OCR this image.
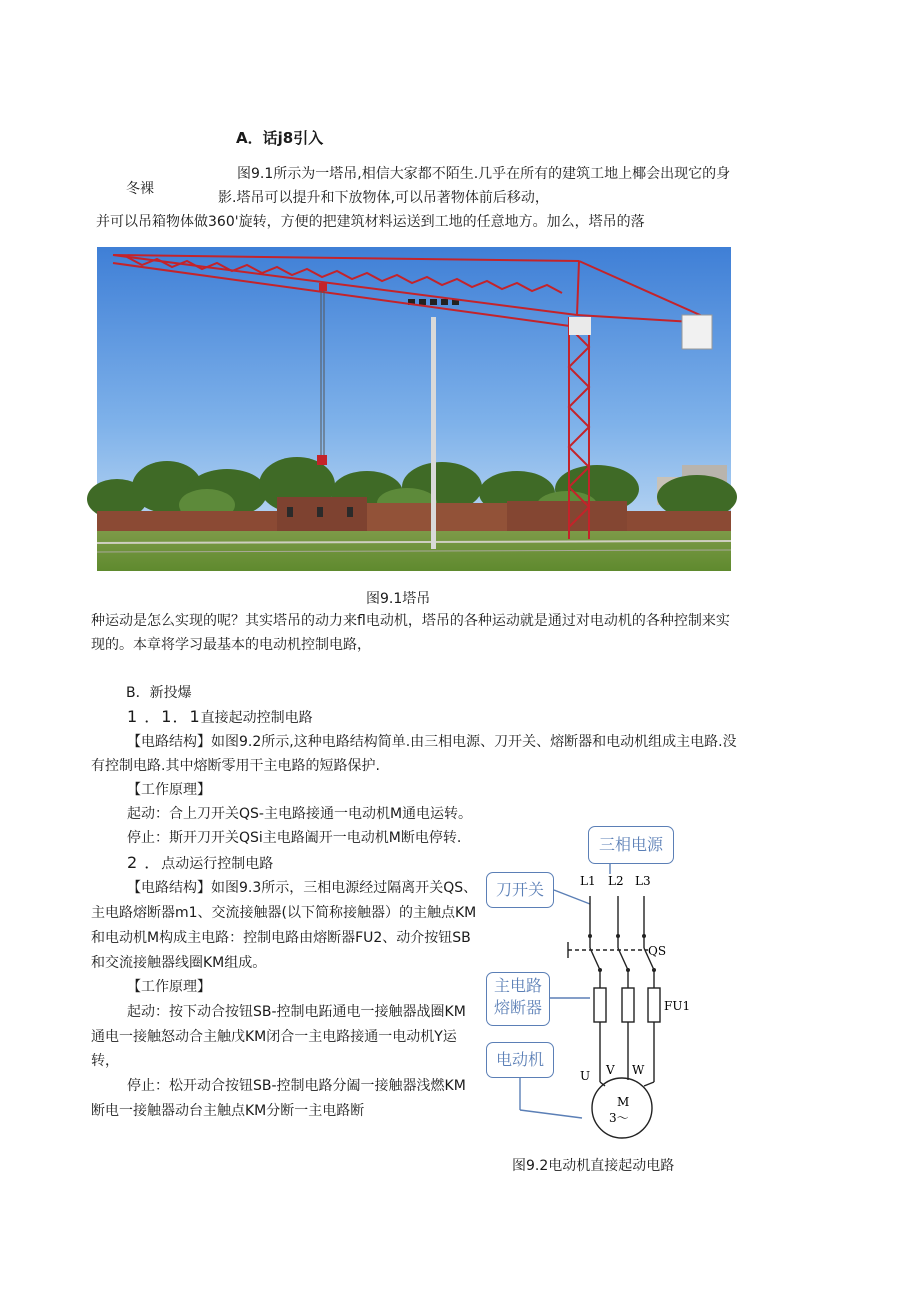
A．话j8引入
冬裸
图9.1所示为一塔吊,相信大家都不陌生.几乎在所有的建筑工地上椰会出现它的身
影.塔吊可以提升和下放物体,可以吊著物体前后移动，
并可以吊箱物体做360'旋转，方便的把建筑材料运送到工地的任意地方。加么，塔吊的落
图9.1塔吊
种运动是怎么实现的呢？其实塔吊的动力来fl电动机，塔吊的各种运动就是通过对电动机的各种控制来实
现的。本章将学习最基本的电动机控制电路，
B．新投爆
1 ．1．1直接起动控制电路
【电路结构】如图9.2所示,这种电路结构简单.由三相电源、刀开关、熔断器和电动机组成主电路.没
有控制电路.其中熔断零用干主电路的短路保护.
【工作原理】
起动：合上刀开关QS-主电路接通一电动机M通电运转。
停止：斯开刀开关QSi主电路阖开一电动机M断电停转.
2 ．点动运行控制电路
【电路结构】如图9.3所示，三相电源经过隔离开关QS、
主电路熔断器m1、交流接触器(以下简称接触器）的主触点KM
和电动机M构成主电路：控制电路由熔断器FU2、动介按钮SB
和交流接触器线圈KM组成。
【工作原理】
起动：按下动合按钮SB-控制电跖通电一接触器战圈KM
通电一接触怒动合主触戊KM闭合一主电路接通一电动机Y运
转，
停止：松开动合按钮SB-控制电路分阖一接触器浅燃KM
断电一接触器动台主触点KM分断一主电路断
L1 L2 L3
QS
FU1
U V W
M
3～
三相电源
刀开关
主电路
熔断器
电动机
图9.2电动机直接起动电路
